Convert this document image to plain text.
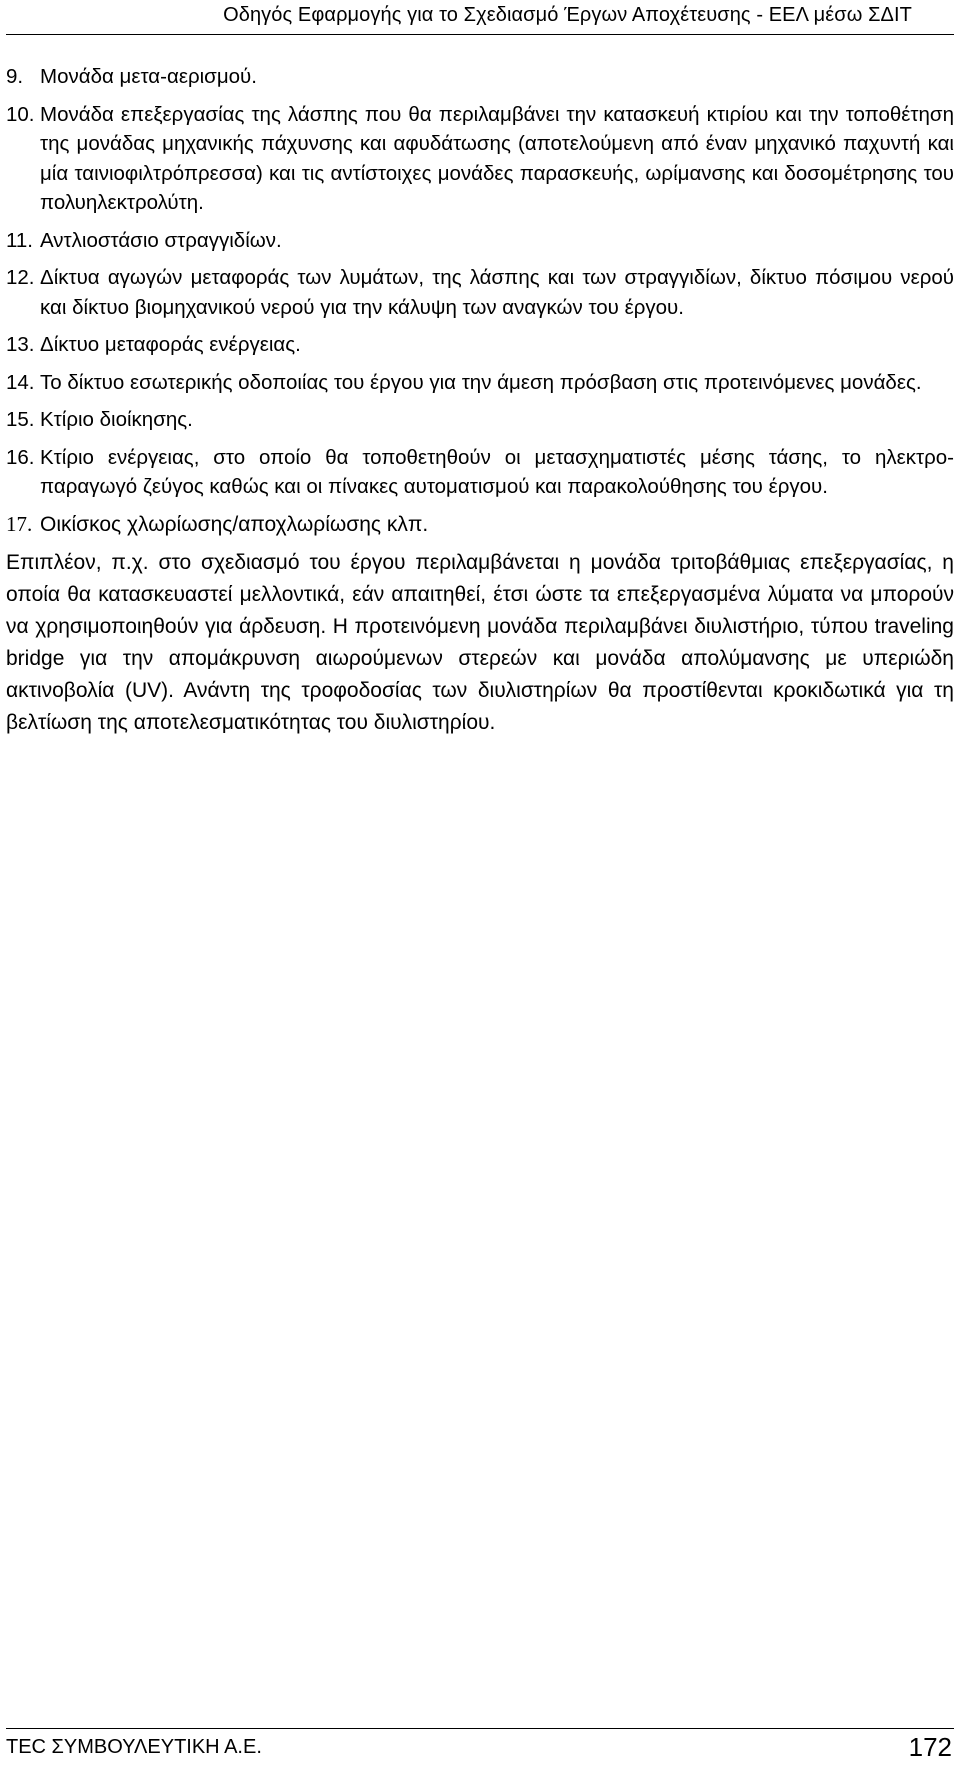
Οδηγός Εφαρμογής για το Σχεδιασμό Έργων Αποχέτευσης - ΕΕΛ μέσω ΣΔΙΤ
9. Μονάδα μετα-αερισμού.
10. Μονάδα επεξεργασίας της λάσπης που θα περιλαμβάνει την κατασκευή κτιρίου και την τοποθέτηση της μονάδας μηχανικής πάχυνσης και αφυδάτωσης (αποτελούμενη από έναν μηχανικό παχυντή και μία ταινιοφιλτρόπρεσσα) και τις αντίστοιχες μονάδες παρασκευής, ωρίμανσης και δοσομέτρησης του πολυηλεκτρολύτη.
11. Αντλιοστάσιο στραγγιδίων.
12. Δίκτυα αγωγών μεταφοράς των λυμάτων, της λάσπης και των στραγγιδίων, δίκτυο πόσιμου νερού και δίκτυο βιομηχανικού νερού για την κάλυψη των αναγκών του έργου.
13. Δίκτυο μεταφοράς ενέργειας.
14. Το δίκτυο εσωτερικής οδοποιίας του έργου για την άμεση πρόσβαση στις προτεινόμενες μονάδες.
15. Κτίριο διοίκησης.
16. Κτίριο ενέργειας, στο οποίο θα τοποθετηθούν οι μετασχηματιστές μέσης τάσης, το ηλεκτρο-παραγωγό ζεύγος καθώς και οι πίνακες αυτοματισμού και παρακολούθησης του έργου.
17. Οικίσκος χλωρίωσης/αποχλωρίωσης κλπ.

Επιπλέον, π.χ. στο σχεδιασμό του έργου περιλαμβάνεται η μονάδα τριτοβάθμιας επεξεργασίας, η οποία θα κατασκευαστεί μελλοντικά, εάν απαιτηθεί, έτσι ώστε τα επεξεργασμένα λύματα να μπορούν να χρησιμοποιηθούν για άρδευση. Η προτεινόμενη μονάδα περιλαμβάνει διυλιστήριο, τύπου traveling bridge για την απομάκρυνση αιωρούμενων στερεών και μονάδα απολύμανσης με υπεριώδη ακτινοβολία (UV). Ανάντη της τροφοδοσίας των διυλιστηρίων θα προστίθενται κροκιδωτικά για τη βελτίωση της αποτελεσματικότητας του διυλιστηρίου.

ΤΕC ΣΥΜΒΟΥΛΕΥΤΙΚΗ Α.Ε.	172
